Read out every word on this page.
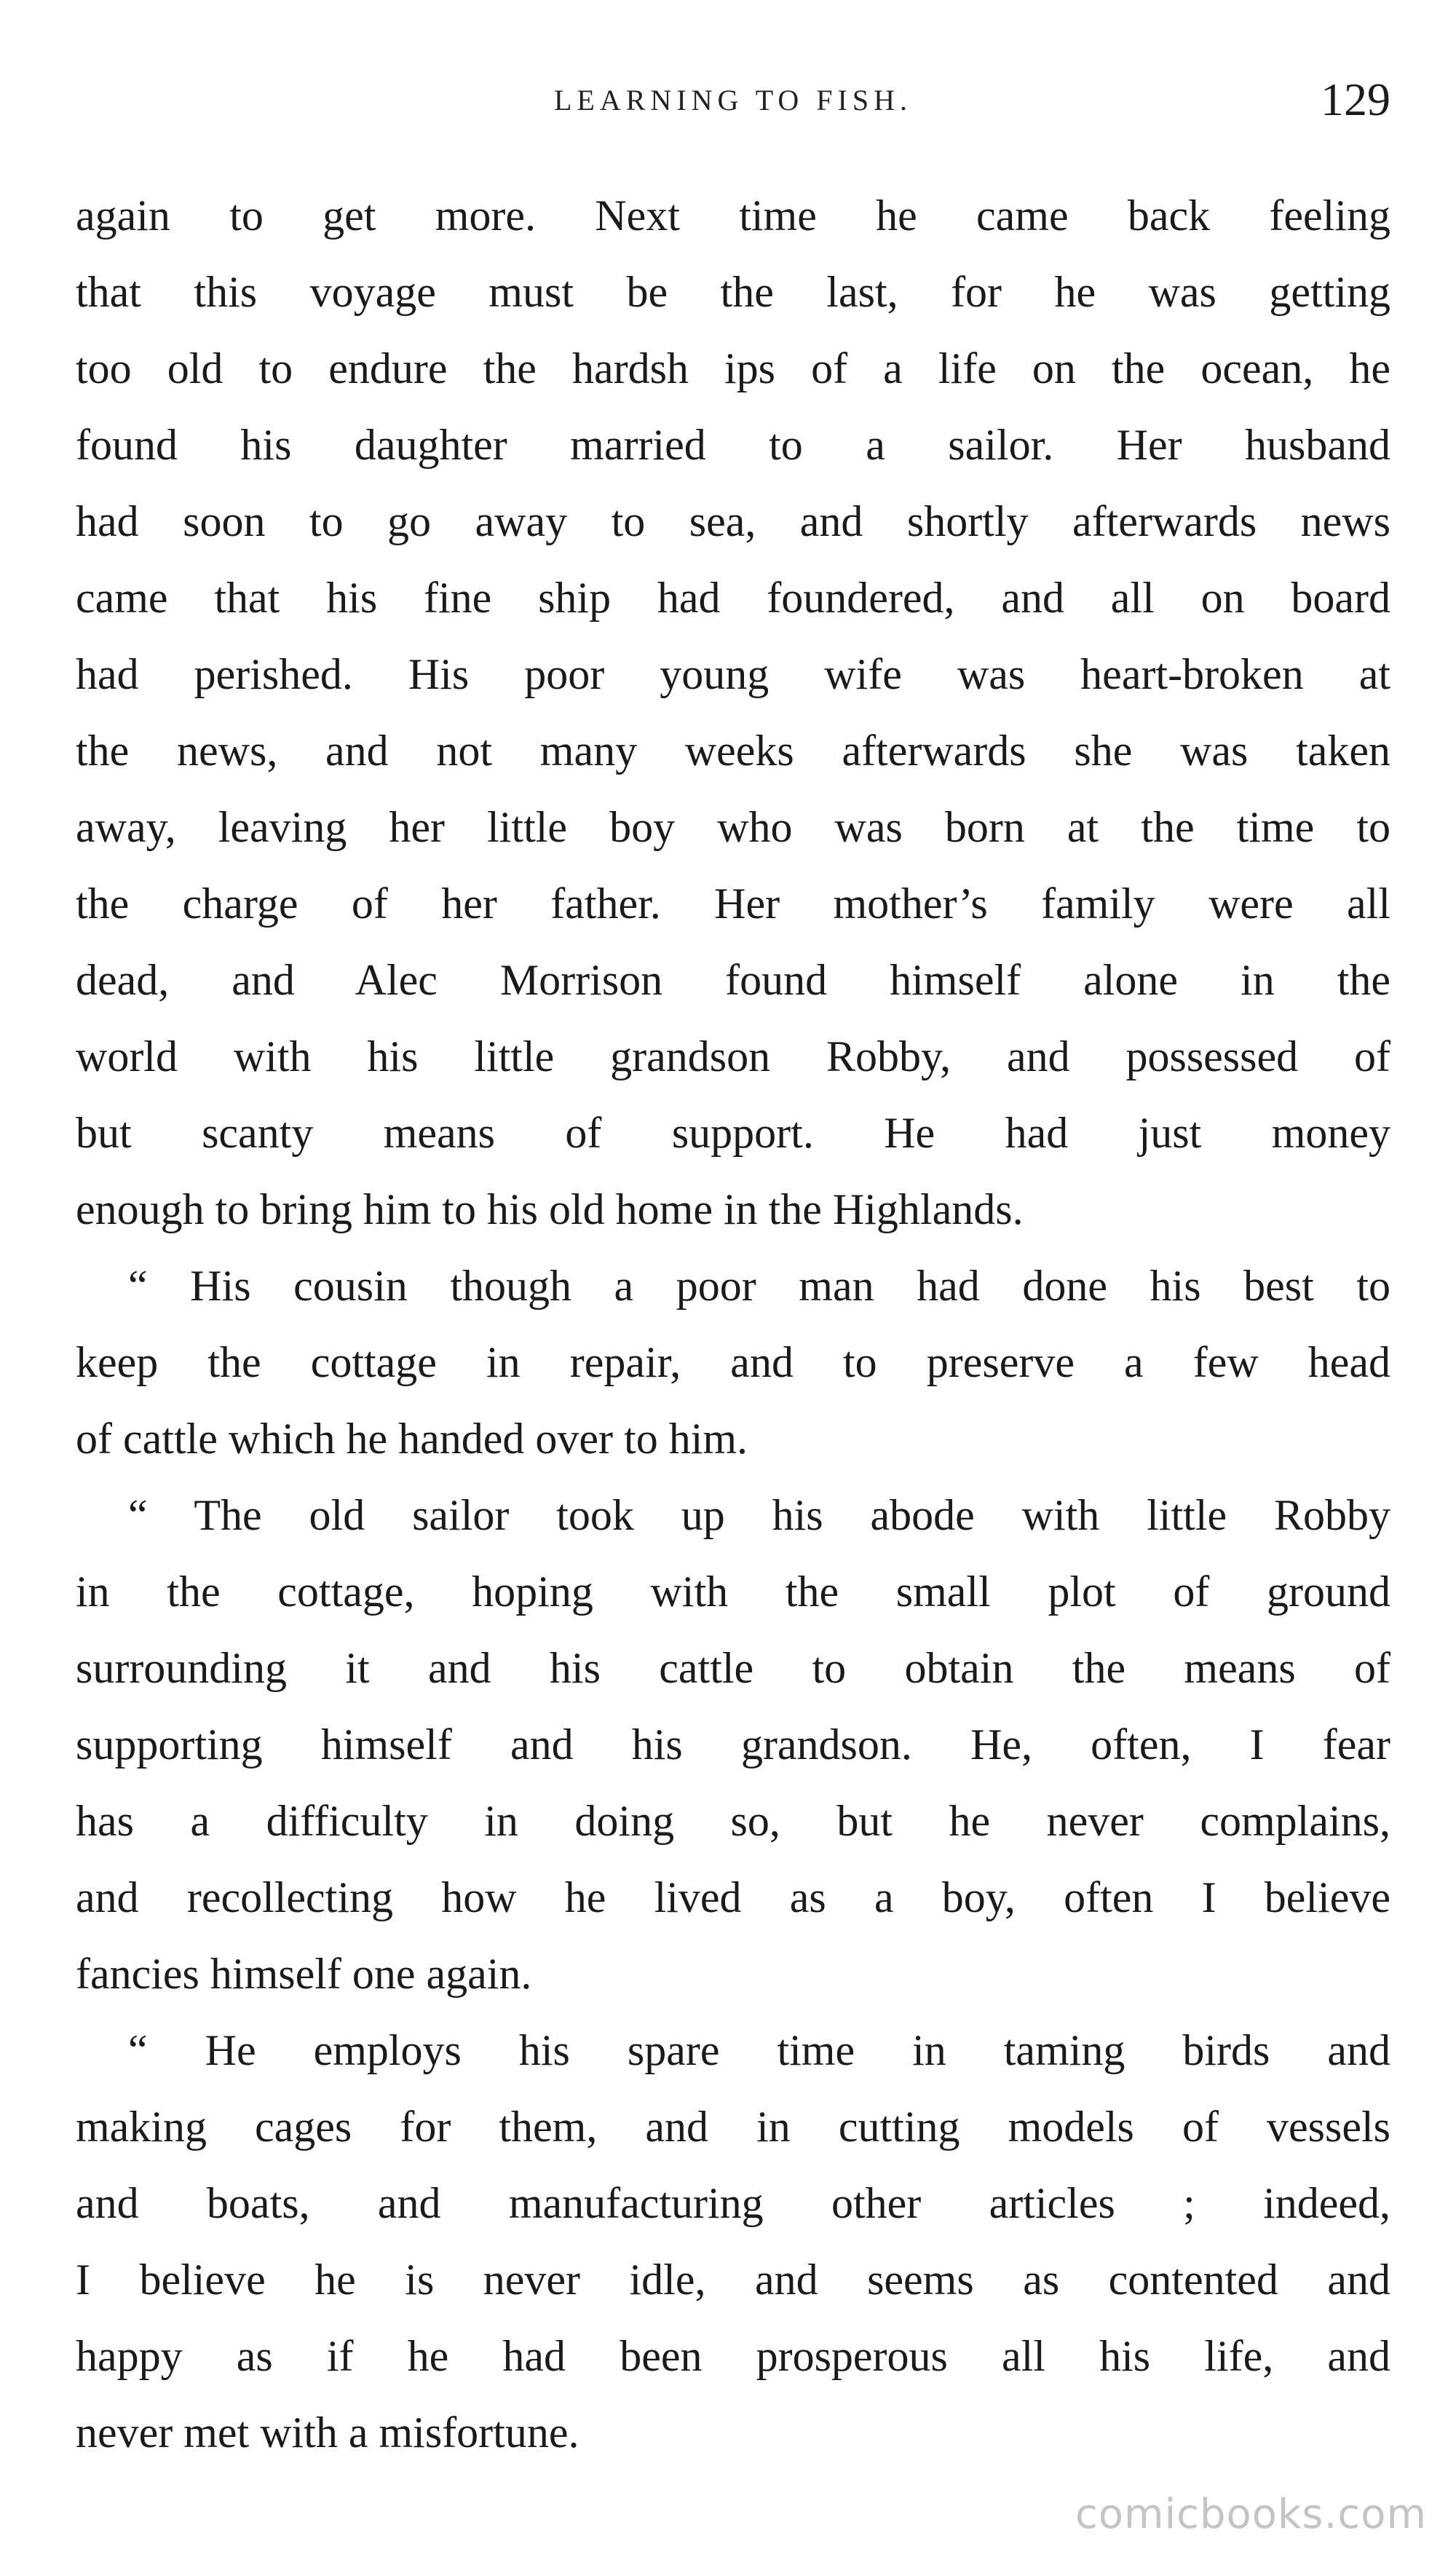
LEARNING TO FISH.	129
again to get more. Next time he came back feeling
that this voyage must be the last, for he was getting
too old to endure the hardsh ips of a life on the ocean, he
found his daughter married to a sailor. Her husband
had soon to go away to sea, and shortly afterwards news
came that his fine ship had foundered, and all on board
had perished. His poor young wife was heart-broken at
the news, and not many weeks afterwards she was taken
away, leaving her little boy who was born at the time to
the charge of her father. Her mother’s family were all
dead, and Alec Morrison found himself alone in the
world with his little grandson Robby, and possessed of
but scanty means of support. He had just money
enough to bring him to his old home in the Highlands.
“ His cousin though a poor man had done his best to
keep the cottage in repair, and to preserve a few head
of cattle which he handed over to him.
“ The old sailor took up his abode with little Robby
in the cottage, hoping with the small plot of ground
surrounding it and his cattle to obtain the means of
supporting himself and his grandson. He, often, I fear
has a difficulty in doing so, but he never complains,
and recollecting how he lived as a boy, often I believe
fancies himself one again.
“ He employs his spare time in taming birds and
making cages for them, and in cutting models of vessels
and boats, and manufacturing other articles ; indeed,
I believe he is never idle, and seems as contented and
happy as if he had been prosperous all his life, and
never met with a misfortune.
comicbooks.com
